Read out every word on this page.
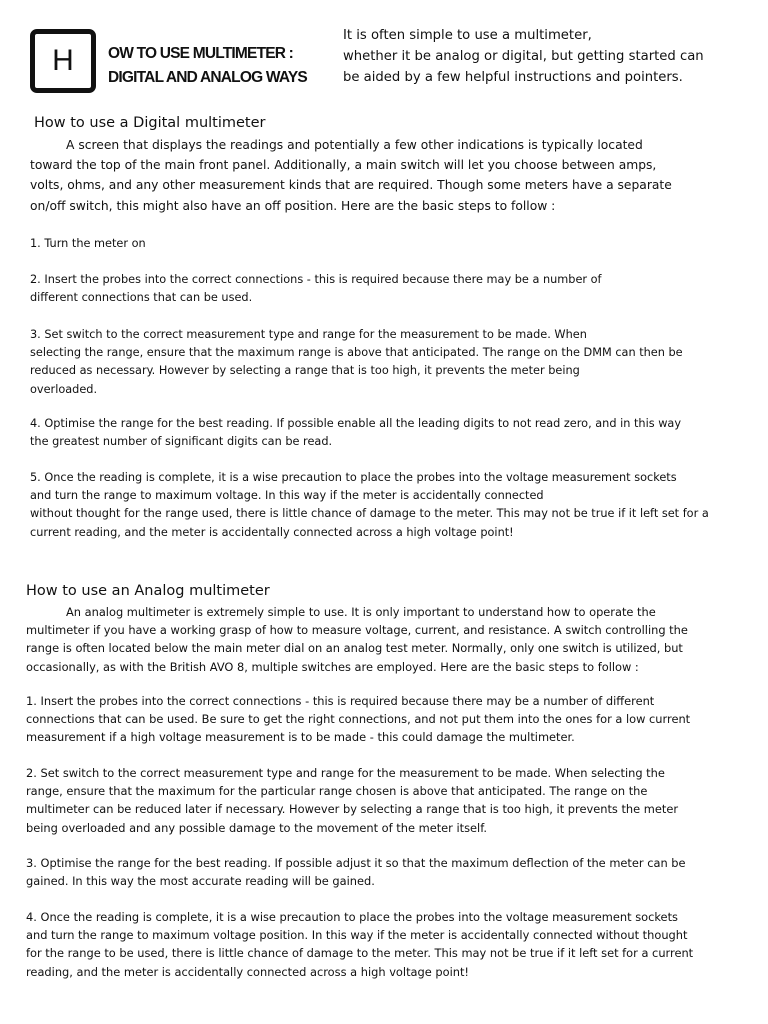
H OW TO USE MULTIMETER :
DIGITAL AND ANALOG WAYS
It is often simple to use a multimeter,
whether it be analog or digital, but getting started can
be aided by a few helpful instructions and pointers.
How to use a Digital multimeter
A screen that displays the readings and potentially a few other indications is typically located
toward the top of the main front panel. Additionally, a main switch will let you choose between amps,
volts, ohms, and any other measurement kinds that are required. Though some meters have a separate
on/off switch, this might also have an off position. Here are the basic steps to follow :
1. Turn the meter on
2. Insert the probes into the correct connections - this is required because there may be a number of
different connections that can be used.
3. Set switch to the correct measurement type and range for the measurement to be made. When
selecting the range, ensure that the maximum range is above that anticipated. The range on the DMM can then be
reduced as necessary. However by selecting a range that is too high, it prevents the meter being
overloaded.
4. Optimise the range for the best reading. If possible enable all the leading digits to not read zero, and in this way
the greatest number of significant digits can be read.
5. Once the reading is complete, it is a wise precaution to place the probes into the voltage measurement sockets
and turn the range to maximum voltage. In this way if the meter is accidentally connected
without thought for the range used, there is little chance of damage to the meter. This may not be true if it left set for a
current reading, and the meter is accidentally connected across a high voltage point!
How to use an Analog multimeter
An analog multimeter is extremely simple to use. It is only important to understand how to operate the
multimeter if you have a working grasp of how to measure voltage, current, and resistance. A switch controlling the
range is often located below the main meter dial on an analog test meter. Normally, only one switch is utilized, but
occasionally, as with the British AVO 8, multiple switches are employed. Here are the basic steps to follow :
1. Insert the probes into the correct connections - this is required because there may be a number of different
connections that can be used. Be sure to get the right connections, and not put them into the ones for a low current
measurement if a high voltage measurement is to be made - this could damage the multimeter.
2. Set switch to the correct measurement type and range for the measurement to be made. When selecting the
range, ensure that the maximum for the particular range chosen is above that anticipated. The range on the
multimeter can be reduced later if necessary. However by selecting a range that is too high, it prevents the meter
being overloaded and any possible damage to the movement of the meter itself.
3. Optimise the range for the best reading. If possible adjust it so that the maximum deflection of the meter can be
gained. In this way the most accurate reading will be gained.
4. Once the reading is complete, it is a wise precaution to place the probes into the voltage measurement sockets
and turn the range to maximum voltage position. In this way if the meter is accidentally connected without thought
for the range to be used, there is little chance of damage to the meter. This may not be true if it left set for a current
reading, and the meter is accidentally connected across a high voltage point!
